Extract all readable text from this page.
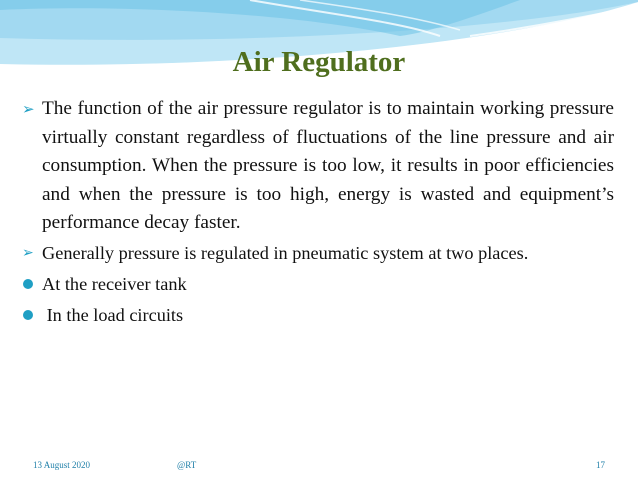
Air Regulator
➢ The function of the air pressure regulator is to maintain working pressure virtually constant regardless of fluctuations of the line pressure and air consumption. When the pressure is too low, it results in poor efficiencies and when the pressure is too high, energy is wasted and equipment’s performance decay faster.
➢ Generally pressure is regulated in pneumatic system at two places.
At the receiver tank
In the load circuits
13 August 2020	@RT	17
